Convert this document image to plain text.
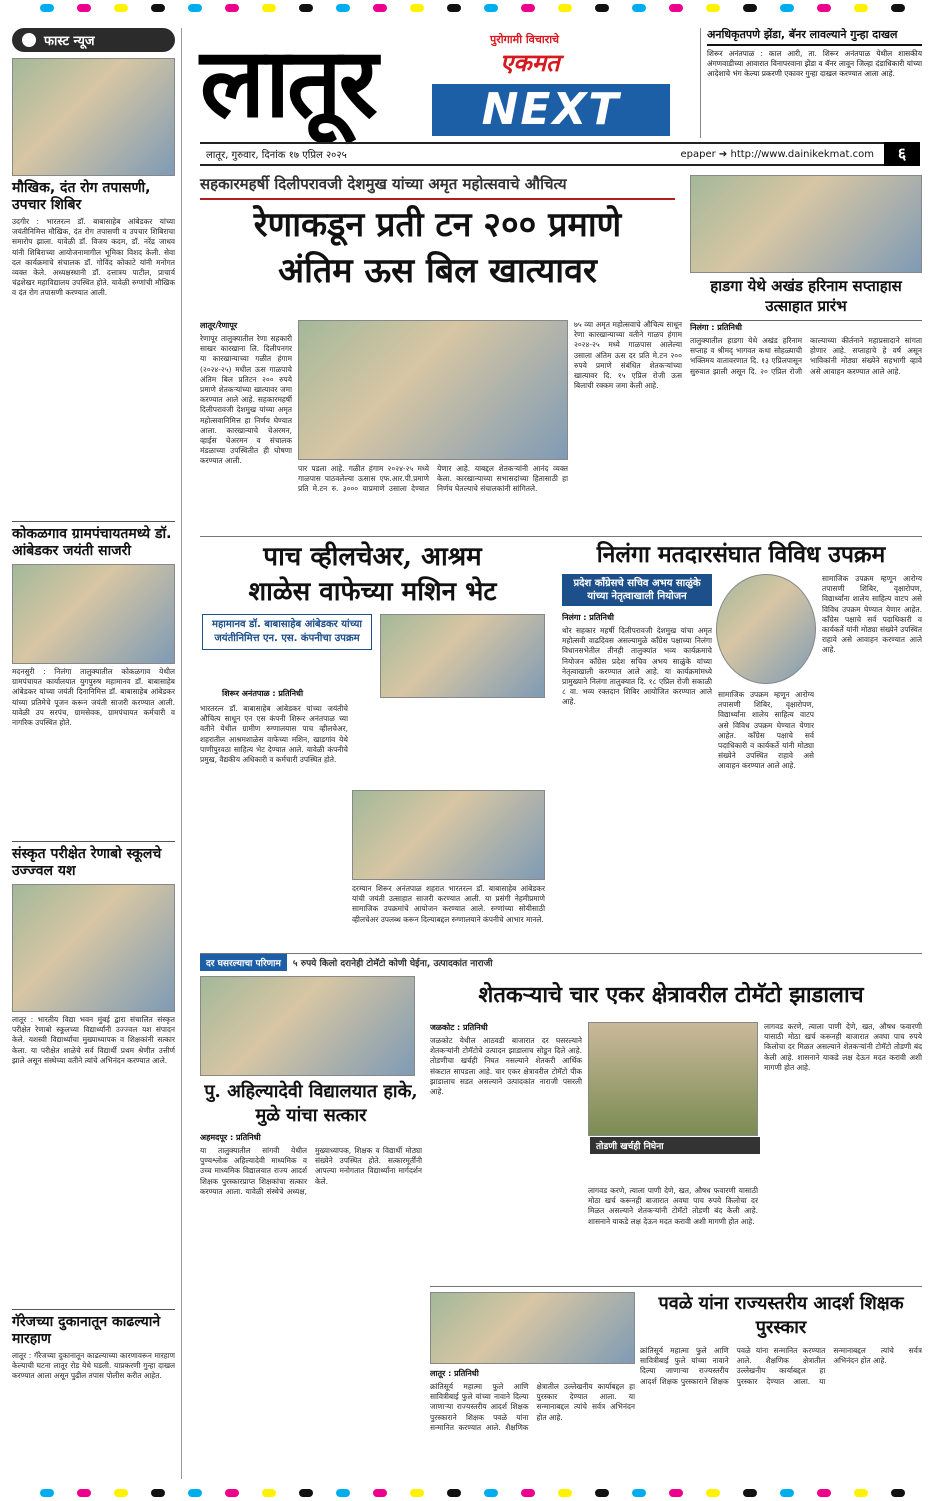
फास्ट न्यूज
मौखिक, दंत रोग तपासणी, उपचार शिबिर
उदगीर : भारतरत्न डॉ. बाबासाहेब आंबेडकर यांच्या जयंतीनिमित्त मौखिक, दंत रोग तपासणी व उपचार शिबिराचा समारोप झाला. यावेळी डॉ. विजय कदम, डॉ. नरेंद्र जाधव यांनी शिबिराच्या आयोजनामागील भूमिका विशद केली. सेवा दल कार्यक्रमाचे संचालक डॉ. गोविंद कोकाटे यांनी मनोगत व्यक्त केले. अध्यक्षस्थानी डॉ. दत्तात्रय पाटील, प्राचार्य चंद्रशेखर महाविद्यालय उपस्थित होते. यावेळी रुग्णांची मौखिक व दंत रोग तपासणी करण्यात आली.
कोकळगाव ग्रामपंचायतमध्ये डॉ. आंबेडकर जयंती साजरी
मदनसुरी : निलंगा तालुक्यातील कोकळगाव येथील ग्रामपंचायत कार्यालयात युगपुरुष महामानव डॉ. बाबासाहेब आंबेडकर यांच्या जयंती दिनानिमित्त डॉ. बाबासाहेब आंबेडकर यांच्या प्रतिमेचे पूजन करून जयंती साजरी करण्यात आली. यावेळी उप सरपंच, ग्रामसेवक, ग्रामपंचायत कर्मचारी व नागरिक उपस्थित होते.
संस्कृत परीक्षेत रेणाबो स्कूलचे उज्ज्वल यश
लातूर : भारतीय विद्या भवन मुंबई द्वारा संचालित संस्कृत परीक्षेत रेणाबो स्कूलच्या विद्यार्थ्यांनी उज्ज्वल यश संपादन केले. यशस्वी विद्यार्थ्यांचा मुख्याध्यापक व शिक्षकांनी सत्कार केला. या परीक्षेत शाळेचे सर्व विद्यार्थी प्रथम श्रेणीत उत्तीर्ण झाले असून संस्थेच्या वतीने त्यांचे अभिनंदन करण्यात आले.
गॅरेजच्या दुकानातून काढल्याने मारहाण
लातूर : गॅरेजच्या दुकानातून काढल्याच्या कारणावरून मारहाण केल्याची घटना लातूर रोड येथे घडली. याप्रकरणी गुन्हा दाखल करण्यात आला असून पुढील तपास पोलीस करीत आहेत.
लातूर	पुरोगामी विचाराचे
एकमत
NEXT
अनधिकृतपणे झेंडा, बॅनर लावल्याने गुन्हा दाखल
शिरूर अनंतपाळ : काल आरी, ता. शिरूर अनंतपाळ येथील शासकीय अंगणवाडीच्या आवारात विनापरवाना झेंडा व बॅनर लावून जिल्हा दंडाधिकारी यांच्या आदेशाचे भंग केल्या प्रकरणी एकावर गुन्हा दाखल करण्यात आला आहे.
लातूर, गुरुवार, दिनांक १७ एप्रिल २०२५	epaper ➔ http://www.dainikekmat.com	६
सहकारमहर्षी दिलीपरावजी देशमुख यांच्या अमृत महोत्सवाचे औचित्य
रेणाकडून प्रती टन २०० प्रमाणे
अंतिम ऊस बिल खात्यावर
लातूर/रेणापूर
रेणापूर तालुक्यातील रेणा सहकारी साखर कारखाना लि. दिलीपनगर या कारखान्याच्या गळीत हंगाम (२०२४-२५) मधील ऊस गाळपाचे अंतिम बिल प्रतिटन २०० रुपये प्रमाणे शेतकऱ्यांच्या खात्यावर जमा करण्यात आले आहे. सहकारमहर्षी दिलीपरावजी देशमुख यांच्या अमृत महोत्सवानिमित्त हा निर्णय घेण्यात आला. कारखान्याचे चेअरमन, व्हाईस चेअरमन व संचालक मंडळाच्या उपस्थितीत ही घोषणा करण्यात आली.
पार पडला आहे. गळीत हंगाम २०२४-२५ मध्ये गाळपास पाठवलेल्या ऊसास एफ.आर.पी.प्रमाणे प्रति मे.टन रु. ३००० याप्रमाणे उसाला देण्यात येणार आहे. याबद्दल शेतकऱ्यांनी आनंद व्यक्त केला. कारखान्याच्या सभासदांच्या हितासाठी हा निर्णय घेतल्याचे संचालकांनी सांगितले.
७५ व्या अमृत महोत्सवाचे औचित्य साधून रेणा कारखान्याच्या वतीने गाळप हंगाम २०२४-२५ मध्ये गाळपास आलेल्या उसाला अंतिम ऊस दर प्रति मे.टन २०० रुपये प्रमाणे संबंधित शेतकऱ्यांच्या खात्यावर दि. १५ एप्रिल रोजी ऊस बिलाची रक्कम जमा केली आहे.
हाडगा येथे अखंड हरिनाम सप्ताहास उत्साहात प्रारंभ
निलंगा : प्रतिनिधी
तालुक्यातील हाडगा येथे अखंड हरिनाम सप्ताह व श्रीमद् भागवत कथा सोहळ्याची भक्तिमय वातावरणात दि. १३ एप्रिलपासून सुरुवात झाली असून दि. २० एप्रिल रोजी काल्याच्या कीर्तनाने महाप्रसादाने सांगता होणार आहे. सप्ताहाचे हे वर्ष असून भाविकांनी मोठ्या संख्येने सहभागी व्हावे असे आवाहन करण्यात आले आहे.
पाच व्हीलचेअर, आश्रम
शाळेस वाफेच्या मशिन भेट
महामानव डॉ. बाबासाहेब आंबेडकर यांच्या जयंतीनिमित्त एन. एस. कंपनीचा उपक्रम
शिरूर अनंतपाळ : प्रतिनिधी
भारतरत्न डॉ. बाबासाहेब आंबेडकर यांच्या जयंतीचे औचित्य साधून एन एस कंपनी शिरूर अनंतपाळ च्या वतीने येथील ग्रामीण रुग्णालयास पाच व्हीलचेअर, शहरातील आश्रमशाळेस वाफेच्या मशिन, खाडगांव येथे पाणीपुरवठा साहित्य भेट देण्यात आले. यावेळी कंपनीचे प्रमुख, वैद्यकीय अधिकारी व कर्मचारी उपस्थित होते.
दरम्यान शिरूर अनंतपाळ शहरात भारतरत्न डॉ. बाबासाहेब आंबेडकर यांची जयंती उत्साहात साजरी करण्यात आली. या प्रसंगी नेहमीप्रमाणे सामाजिक उपक्रमांचे आयोजन करण्यात आले. रुग्णांच्या सोयीसाठी व्हीलचेअर उपलब्ध करून दिल्याबद्दल रुग्णालयाने कंपनीचे आभार मानले.
निलंगा मतदारसंघात विविध उपक्रम
प्रदेश काँग्रेसचे सचिव अभय साळुंके यांच्या नेतृत्वाखाली नियोजन
निलंगा : प्रतिनिधी
थोर सहकार महर्षी दिलीपरावजी देशमुख यांचा अमृत महोत्सवी वाढदिवस असल्यामुळे काँग्रेस पक्षाच्या निलंगा विधानसभेतील तीनही तालुक्यांत भव्य कार्यक्रमाचे नियोजन काँग्रेस प्रदेश सचिव अभय साळुंके यांच्या नेतृत्वाखाली करण्यात आले आहे. या कार्यक्रमांमध्ये प्रामुख्याने निलंगा तालुक्यात दि. १८ एप्रिल रोजी सकाळी ८ वा. भव्य रक्तदान शिबिर आयोजित करण्यात आले आहे.
सामाजिक उपक्रम म्हणून आरोग्य तपासणी शिबिर, वृक्षारोपण, विद्यार्थ्यांना शालेय साहित्य वाटप असे विविध उपक्रम घेण्यात येणार आहेत. काँग्रेस पक्षाचे सर्व पदाधिकारी व कार्यकर्ते यांनी मोठ्या संख्येने उपस्थित राहावे असे आवाहन करण्यात आले आहे.
सामाजिक उपक्रम म्हणून आरोग्य तपासणी शिबिर, वृक्षारोपण, विद्यार्थ्यांना शालेय साहित्य वाटप असे विविध उपक्रम घेण्यात येणार आहेत. काँग्रेस पक्षाचे सर्व पदाधिकारी व कार्यकर्ते यांनी मोठ्या संख्येने उपस्थित राहावे असे आवाहन करण्यात आले आहे.
दर घसरल्याचा परिणाम	५ रुपये किलो दरानेही टोमॅटो कोणी घेईना, उत्पादकांत नाराजी
पु. अहिल्यादेवी विद्यालयात हाके, मुळे यांचा सत्कार
अहमदपूर : प्रतिनिधी
या तालुक्यातील सांगवी येथील पुण्यश्लोक अहिल्यादेवी माध्यमिक व उच्च माध्यमिक विद्यालयात राज्य आदर्श शिक्षक पुरस्कारप्राप्त शिक्षकांचा सत्कार करण्यात आला. यावेळी संस्थेचे अध्यक्ष, मुख्याध्यापक, शिक्षक व विद्यार्थी मोठ्या संख्येने उपस्थित होते. सत्कारमूर्तींनी आपल्या मनोगतात विद्यार्थ्यांना मार्गदर्शन केले.
शेतकऱ्याचे चार एकर क्षेत्रावरील टोमॅटो झाडालाच
जळकोट : प्रतिनिधी
जळकोट येथील आठवडी बाजारात दर घसरल्याने शेतकऱ्यांनी टोमॅटोचे उत्पादन झाडालाच सोडून दिले आहे. तोडणीचा खर्चही निघत नसल्याने शेतकरी आर्थिक संकटात सापडला आहे. चार एकर क्षेत्रावरील टोमॅटो पीक झाडालाच सडत असल्याने उत्पादकांत नाराजी पसरली आहे.
तोडणी खर्चही निघेना
लागवड करणे, त्याला पाणी देणे, खत, औषध फवारणी यासाठी मोठा खर्च करूनही बाजारात अवघा पाच रुपये किलोचा दर मिळत असल्याने शेतकऱ्यांनी टोमॅटो तोडणी बंद केली आहे. शासनाने याकडे लक्ष देऊन मदत करावी अशी मागणी होत आहे.
लागवड करणे, त्याला पाणी देणे, खत, औषध फवारणी यासाठी मोठा खर्च करूनही बाजारात अवघा पाच रुपये किलोचा दर मिळत असल्याने शेतकऱ्यांनी टोमॅटो तोडणी बंद केली आहे. शासनाने याकडे लक्ष देऊन मदत करावी अशी मागणी होत आहे.
पवळे यांना राज्यस्तरीय आदर्श शिक्षक पुरस्कार
लातूर : प्रतिनिधी
क्रांतिसूर्य महात्मा फुले आणि सावित्रीबाई फुले यांच्या नावाने दिल्या जाणाऱ्या राज्यस्तरीय आदर्श शिक्षक पुरस्काराने शिक्षक पवळे यांना सन्मानित करण्यात आले. शैक्षणिक क्षेत्रातील उल्लेखनीय कार्याबद्दल हा पुरस्कार देण्यात आला. या सन्मानाबद्दल त्यांचे सर्वत्र अभिनंदन होत आहे.
क्रांतिसूर्य महात्मा फुले आणि सावित्रीबाई फुले यांच्या नावाने दिल्या जाणाऱ्या राज्यस्तरीय आदर्श शिक्षक पुरस्काराने शिक्षक पवळे यांना सन्मानित करण्यात आले. शैक्षणिक क्षेत्रातील उल्लेखनीय कार्याबद्दल हा पुरस्कार देण्यात आला. या सन्मानाबद्दल त्यांचे सर्वत्र अभिनंदन होत आहे.
